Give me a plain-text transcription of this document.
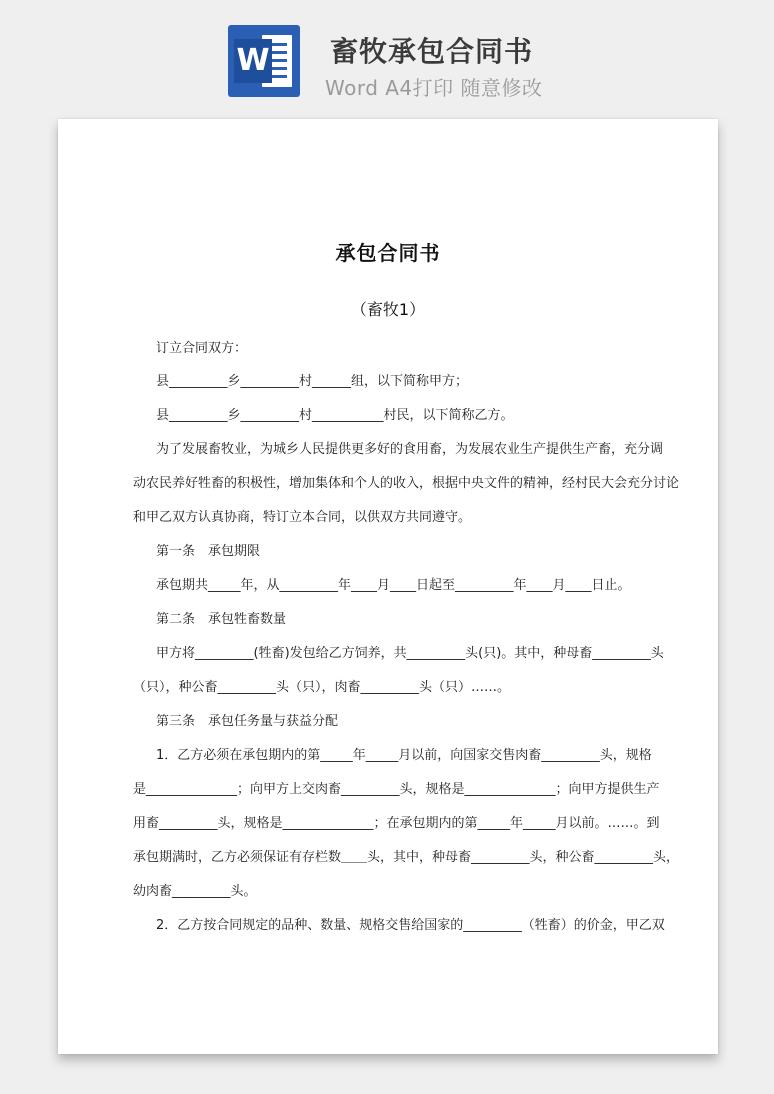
W 畜牧承包合同书
Word A4打印 随意修改
承包合同书
（畜牧1）
订立合同双方：
县_________乡_________村______组，以下简称甲方；
县_________乡_________村___________村民，以下简称乙方。
为了发展畜牧业，为城乡人民提供更多好的食用畜，为发展农业生产提供生产畜，充分调
动农民养好牲畜的积极性，增加集体和个人的收入，根据中央文件的精神，经村民大会充分讨论
和甲乙双方认真协商，特订立本合同，以供双方共同遵守。
第一条　承包期限
承包期共_____年，从_________年____月____日起至_________年____月____日止。
第二条　承包牲畜数量
甲方将_________(牲畜)发包给乙方饲养，共_________头(只)。其中，种母畜_________头
（只），种公畜_________头（只），肉畜_________头（只）……。
第三条　承包任务量与获益分配
1．乙方必须在承包期内的第_____年_____月以前，向国家交售肉畜_________头，规格
是______________；向甲方上交肉畜_________头，规格是______________；向甲方提供生产
用畜_________头，规格是______________；在承包期内的第_____年_____月以前。……。到
承包期满时，乙方必须保证有存栏数＿＿头，其中，种母畜_________头，种公畜_________头，
幼肉畜_________头。
2．乙方按合同规定的品种、数量、规格交售给国家的_________（牲畜）的价金，甲乙双
